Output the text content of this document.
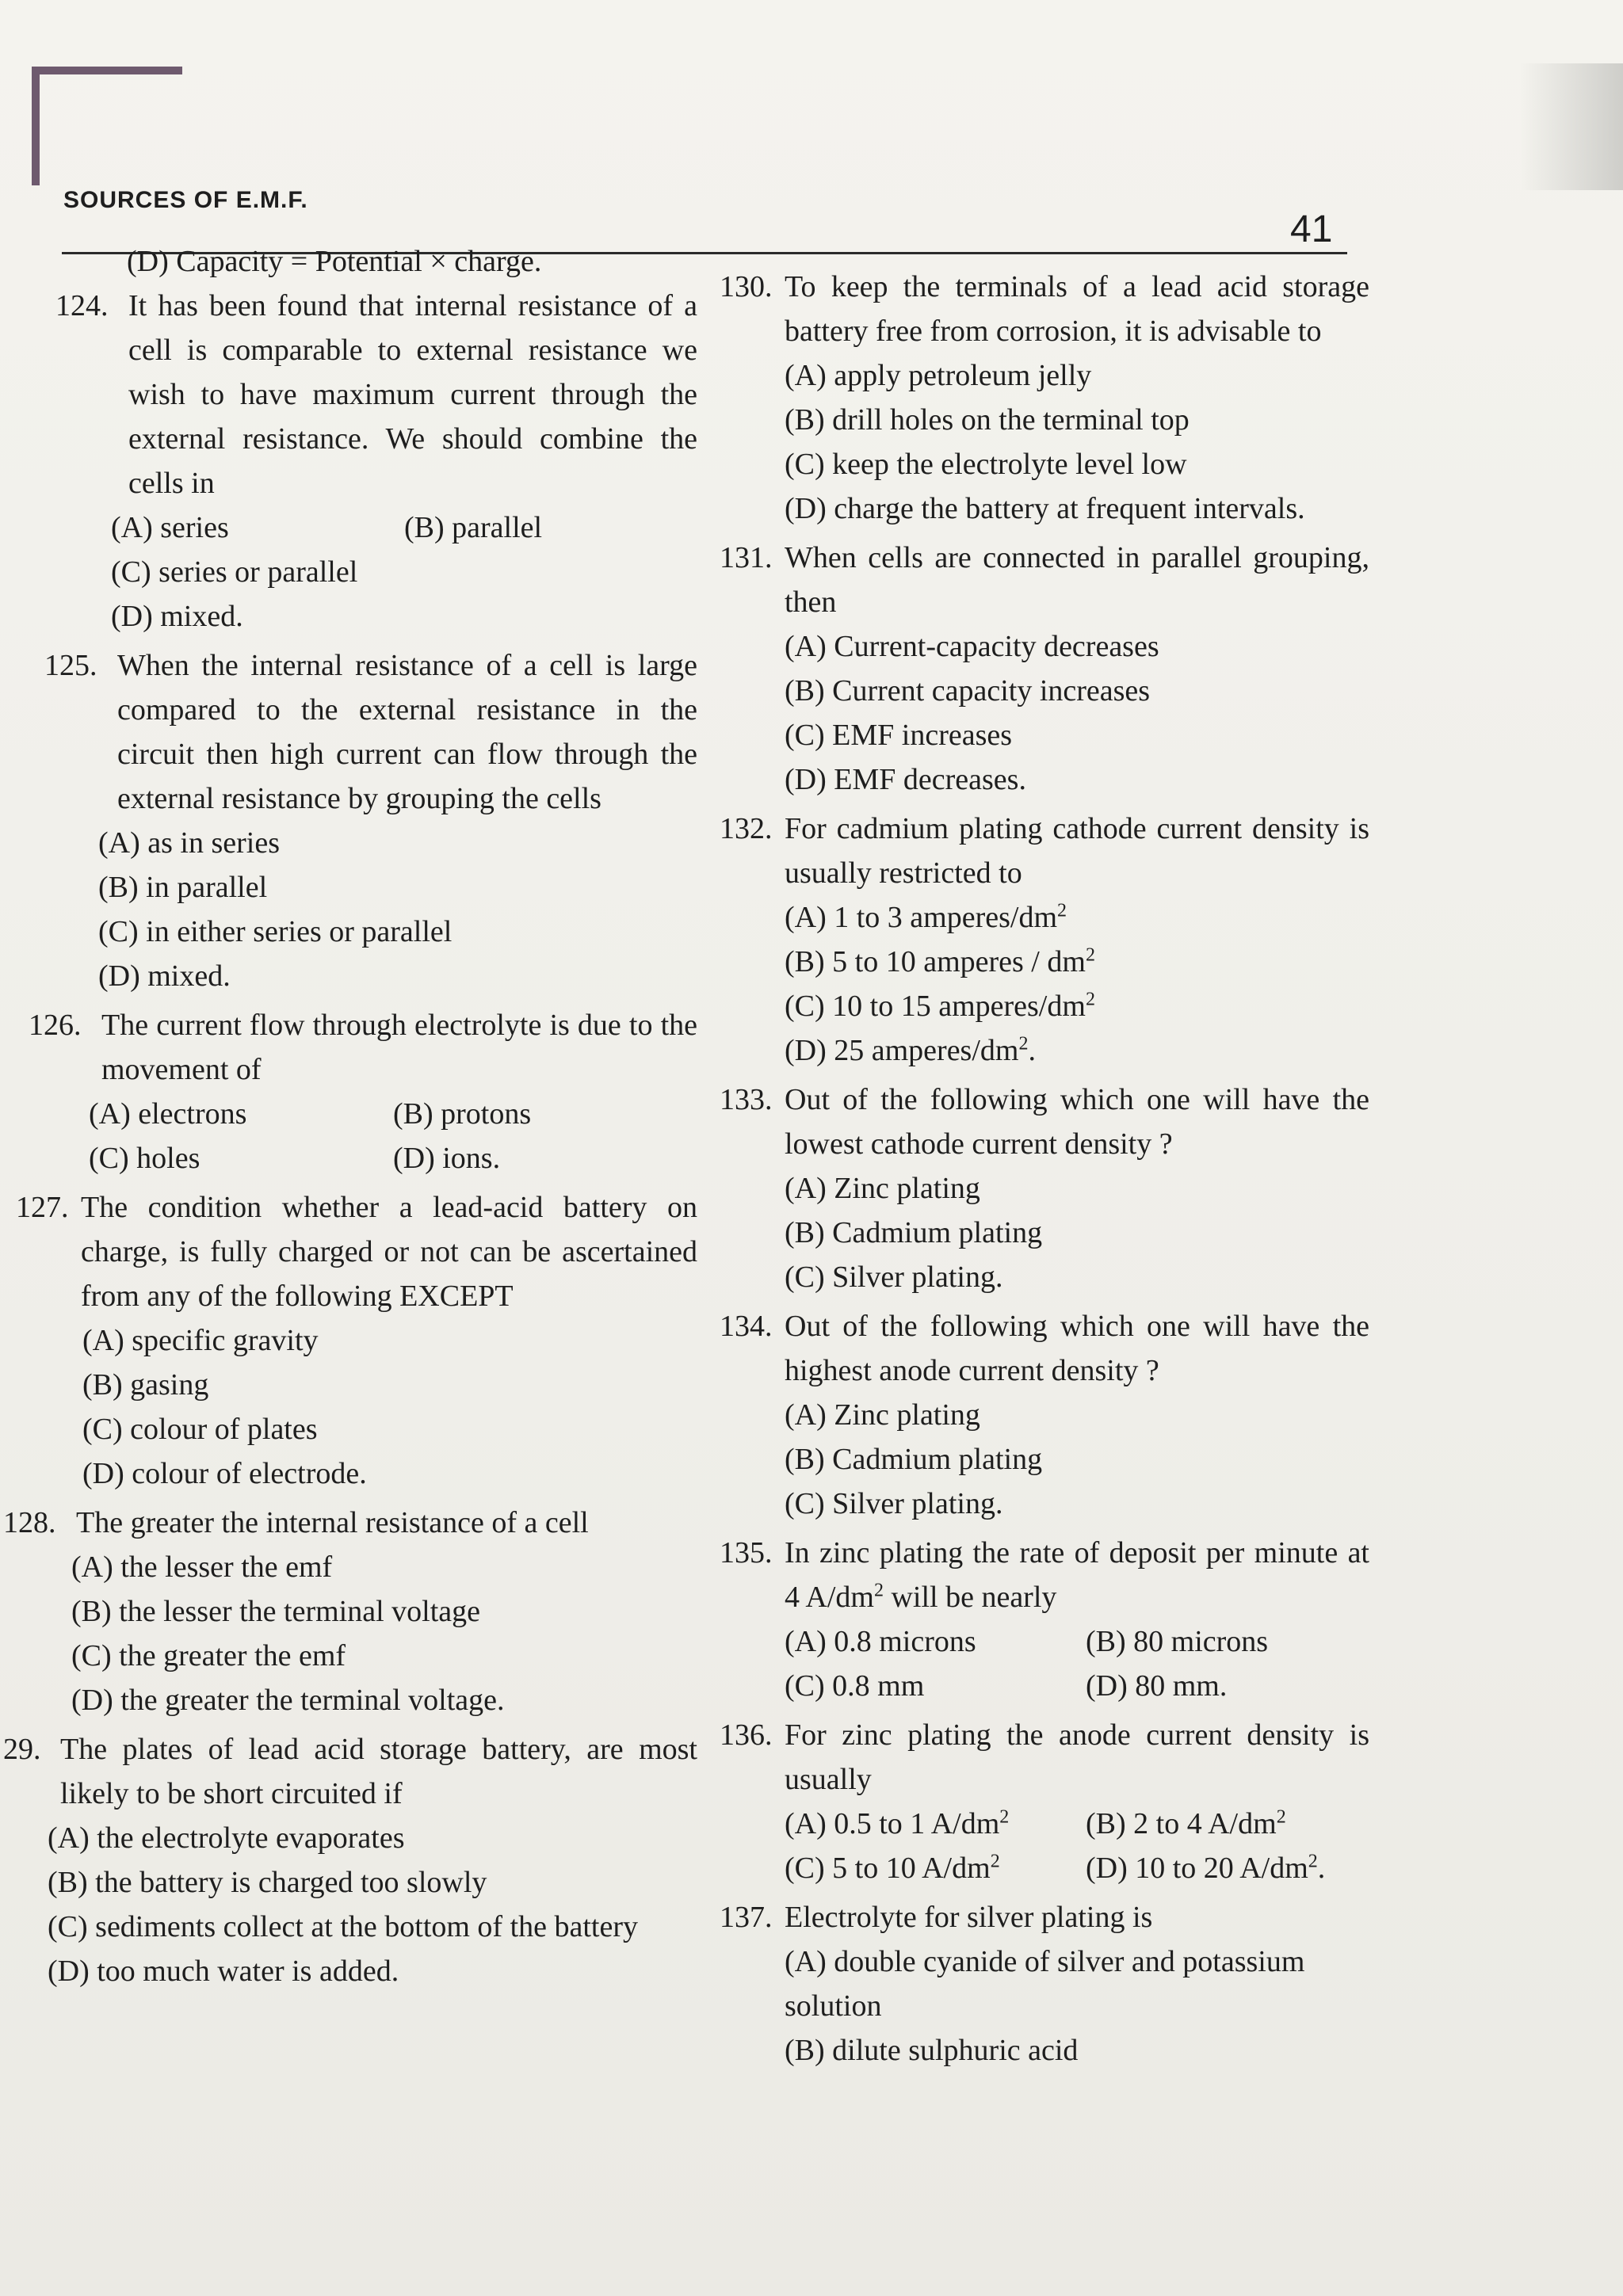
SOURCES OF E.M.F.
41
(D) Capacity = Potential × charge.
124. It has been found that internal resistance of a cell is comparable to external resistance we wish to have maximum current through the external resistance. We should combine the cells in
(A) series	(B) parallel
(C) series or parallel
(D) mixed.
125. When the internal resistance of a cell is large compared to the external resistance in the circuit then high current can flow through the external resistance by grouping the cells
(A) as in series
(B) in parallel
(C) in either series or parallel
(D) mixed.
126. The current flow through electrolyte is due to the movement of
(A) electrons	(B) protons
(C) holes	(D) ions.
127. The condition whether a lead-acid battery on charge, is fully charged or not can be ascertained from any of the following EXCEPT
(A) specific gravity
(B) gasing
(C) colour of plates
(D) colour of electrode.
128. The greater the internal resistance of a cell
(A) the lesser the emf
(B) the lesser the terminal voltage
(C) the greater the emf
(D) the greater the terminal voltage.
29. The plates of lead acid storage battery, are most likely to be short circuited if
(A) the electrolyte evaporates
(B) the battery is charged too slowly
(C) sediments collect at the bottom of the battery
(D) too much water is added.
130. To keep the terminals of a lead acid storage battery free from corrosion, it is advisable to
(A) apply petroleum jelly
(B) drill holes on the terminal top
(C) keep the electrolyte level low
(D) charge the battery at frequent intervals.
131. When cells are connected in parallel grouping, then
(A) Current-capacity decreases
(B) Current capacity increases
(C) EMF increases
(D) EMF decreases.
132. For cadmium plating cathode current density is usually restricted to
(A) 1 to 3 amperes/$dm^2$
(B) 5 to 10 amperes / $dm^2$
(C) 10 to 15 amperes/$dm^2$
(D) 25 amperes/$dm^2$.
133. Out of the following which one will have the lowest cathode current density ?
(A) Zinc plating
(B) Cadmium plating
(C) Silver plating.
134. Out of the following which one will have the highest anode current density ?
(A) Zinc plating
(B) Cadmium plating
(C) Silver plating.
135. In zinc plating the rate of deposit per minute at 4 $A/dm^2$ will be nearly
(A) 0.8 microns	(B) 80 microns
(C) 0.8 mm	(D) 80 mm.
136. For zinc plating the anode current density is usually
(A) 0.5 to 1 $A/dm^2$	(B) 2 to 4 $A/dm^2$
(C) 5 to 10 $A/dm^2$	(D) 10 to 20 $A/dm^2$.
137. Electrolyte for silver plating is
(A) double cyanide of silver and potassium solution
(B) dilute sulphuric acid
